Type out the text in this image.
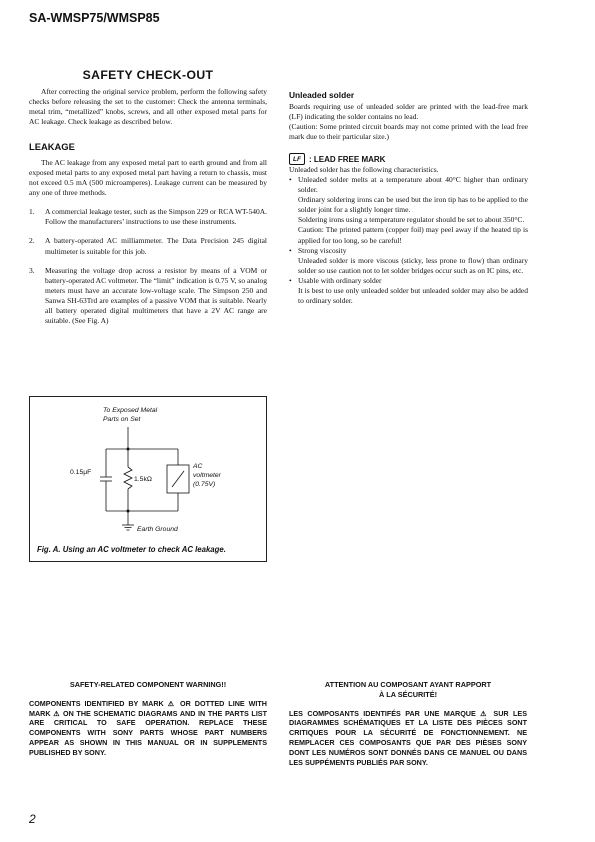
SA-WMSP75/WMSP85
SAFETY CHECK-OUT

After correcting the original service problem, perform the following safety checks before releasing the set to the customer: Check the antenna terminals, metal trim, “metallized” knobs, screws, and all other exposed metal parts for AC leakage. Check leakage as described below.

LEAKAGE

The AC leakage from any exposed metal part to earth ground and from all exposed metal parts to any exposed metal part having a return to chassis, must not exceed 0.5 mA (500 microamperes). Leakage current can be measured by any one of three methods.

1.	A commercial leakage tester, such as the Simpson 229 or RCA WT-540A. Follow the manufacturers’ instructions to use these instruments.
2.	A battery-operated AC milliammeter. The Data Precision 245 digital multimeter is suitable for this job.
3.	Measuring the voltage drop across a resistor by means of a VOM or battery-operated AC voltmeter. The “limit” indication is 0.75 V, so analog meters must have an accurate low-voltage scale. The Simpson 250 and Sanwa SH-63Trd are examples of a passive VOM that is suitable. Nearly all battery operated digital multimeters that have a 2V AC range are suitable. (See Fig. A)
To Exposed Metal
Parts on Set
0.15μF
1.5kΩ
AC
voltmeter
(0.75V)
Earth Ground
Fig. A. Using an AC voltmeter to check AC leakage.
Unleaded solder

Boards requiring use of unleaded solder are printed with the lead-free mark (LF) indicating the solder contains no lead.

(Caution: Some printed circuit boards may not come printed with the lead free mark due to their particular size.)

LF	: LEAD FREE MARK

Unleaded solder has the following characteristics.

• Unleaded solder melts at a temperature about 40°C higher than ordinary solder.

Ordinary soldering irons can be used but the iron tip has to be applied to the solder joint for a slightly longer time.

Soldering irons using a temperature regulator should be set to about 350°C.

Caution: The printed pattern (copper foil) may peel away if the heated tip is applied for too long, so be careful!

• Strong viscosity

Unleaded solder is more viscous (sticky, less prone to flow) than ordinary solder so use caution not to let solder bridges occur such as on IC pins, etc.

• Usable with ordinary solder

It is best to use only unleaded solder but unleaded solder may also be added to ordinary solder.

SAFETY-RELATED COMPONENT WARNING!!

COMPONENTS IDENTIFIED BY MARK ⚠ OR DOTTED LINE WITH MARK ⚠ ON THE SCHEMATIC DIAGRAMS AND IN THE PARTS LIST ARE CRITICAL TO SAFE OPERATION. REPLACE THESE COMPONENTS WITH SONY PARTS WHOSE PART NUMBERS APPEAR AS SHOWN IN THIS MANUAL OR IN SUPPLEMENTS PUBLISHED BY SONY.

ATTENTION AU COMPOSANT AYANT RAPPORT
À LA SÉCURITÉ!

LES COMPOSANTS IDENTIFÉS PAR UNE MARQUE ⚠ SUR LES DIAGRAMMES SCHÉMATIQUES ET LA LISTE DES PIÈCES SONT CRITIQUES POUR LA SÉCURITÉ DE FONCTIONNEMENT. NE REMPLACER CES COMPOSANTS QUE PAR DES PIÈSES SONY DONT LES NUMÉROS SONT DONNÉS DANS CE MANUEL OU DANS LES SUPPÉMENTS PUBLIÉS PAR SONY.

2
